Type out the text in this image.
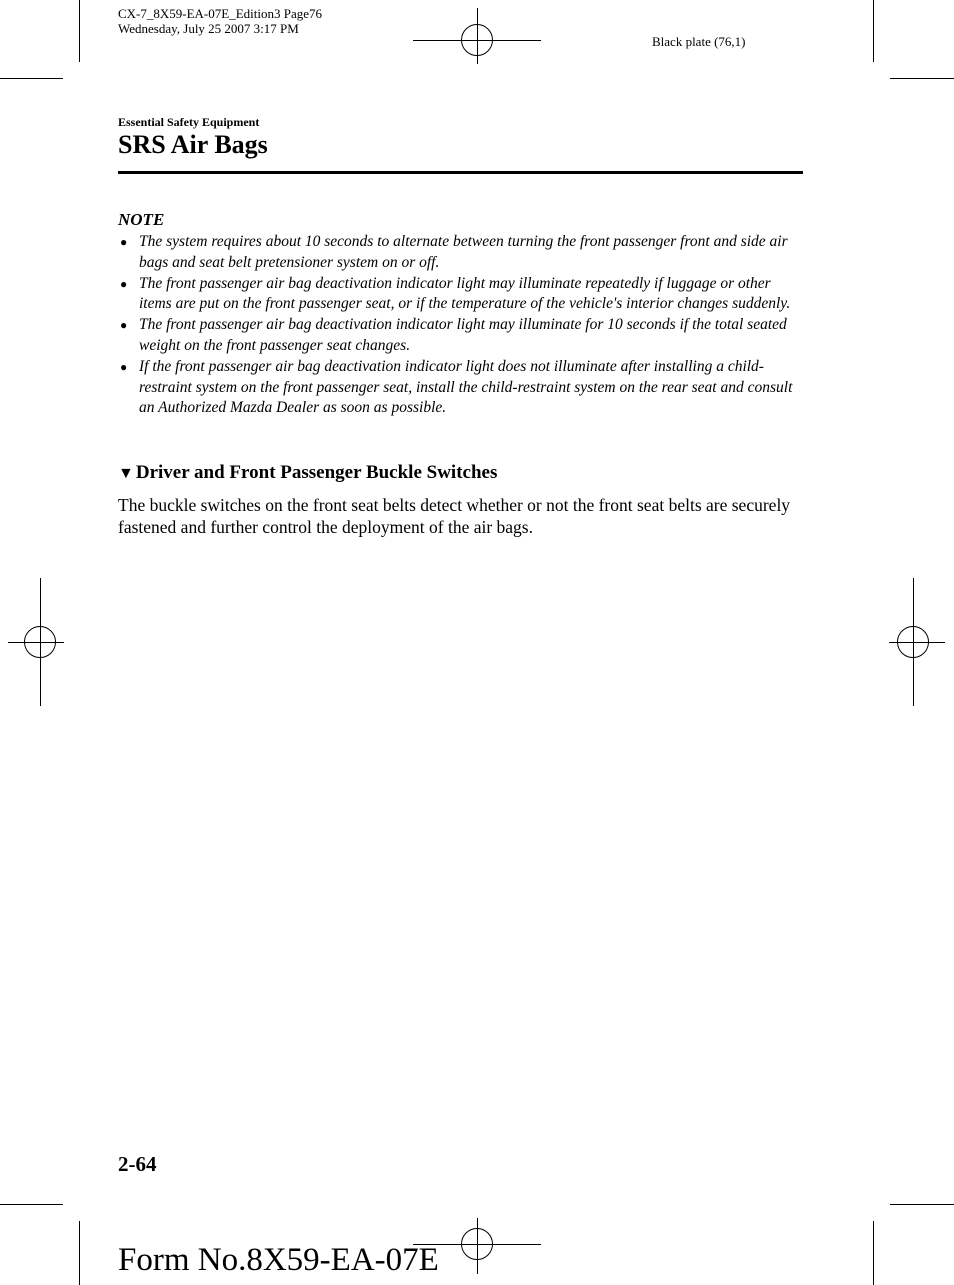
CX-7_8X59-EA-07E_Edition3 Page76
Wednesday, July 25 2007 3:17 PM
Black plate (76,1)
Essential Safety Equipment
SRS Air Bags
NOTE
● The system requires about 10 seconds to alternate between turning the front passenger front and side air bags and seat belt pretensioner system on or off.
● The front passenger air bag deactivation indicator light may illuminate repeatedly if luggage or other items are put on the front passenger seat, or if the temperature of the vehicle's interior changes suddenly.
● The front passenger air bag deactivation indicator light may illuminate for 10 seconds if the total seated weight on the front passenger seat changes.
● If the front passenger air bag deactivation indicator light does not illuminate after installing a child-restraint system on the front passenger seat, install the child-restraint system on the rear seat and consult an Authorized Mazda Dealer as soon as possible.
▼ Driver and Front Passenger Buckle Switches
The buckle switches on the front seat belts detect whether or not the front seat belts are securely fastened and further control the deployment of the air bags.
2-64
Form No.8X59-EA-07E
